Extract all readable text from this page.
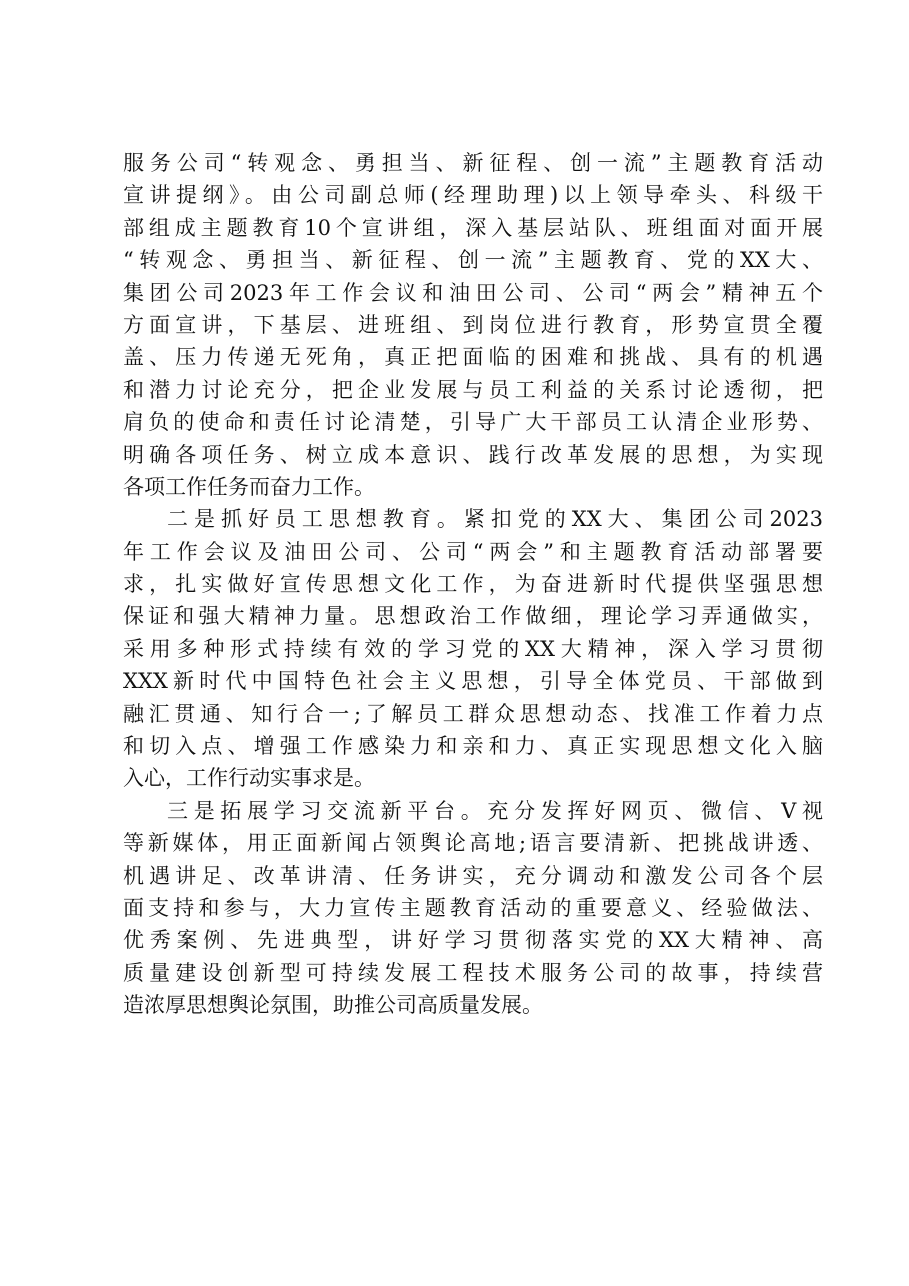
服务公司“转观念、勇担当、新征程、创一流”主题教育活动
宣讲提纲》。由公司副总师(经理助理)以上领导牵头、科级干
部组成主题教育10个宣讲组，深入基层站队、班组面对面开展
“转观念、勇担当、新征程、创一流”主题教育、党的XX大、
集团公司2023年工作会议和油田公司、公司“两会”精神五个
方面宣讲，下基层、进班组、到岗位进行教育，形势宣贯全覆
盖、压力传递无死角，真正把面临的困难和挑战、具有的机遇
和潜力讨论充分，把企业发展与员工利益的关系讨论透彻，把
肩负的使命和责任讨论清楚，引导广大干部员工认清企业形势、
明确各项任务、树立成本意识、践行改革发展的思想，为实现
各项工作任务而奋力工作。
二是抓好员工思想教育。紧扣党的XX大、集团公司2023
年工作会议及油田公司、公司“两会”和主题教育活动部署要
求，扎实做好宣传思想文化工作，为奋进新时代提供坚强思想
保证和强大精神力量。思想政治工作做细，理论学习弄通做实，
采用多种形式持续有效的学习党的XX大精神，深入学习贯彻
XXX新时代中国特色社会主义思想，引导全体党员、干部做到
融汇贯通、知行合一;了解员工群众思想动态、找准工作着力点
和切入点、增强工作感染力和亲和力、真正实现思想文化入脑
入心，工作行动实事求是。
三是拓展学习交流新平台。充分发挥好网页、微信、V视
等新媒体，用正面新闻占领舆论高地;语言要清新、把挑战讲透、
机遇讲足、改革讲清、任务讲实，充分调动和激发公司各个层
面支持和参与，大力宣传主题教育活动的重要意义、经验做法、
优秀案例、先进典型，讲好学习贯彻落实党的XX大精神、高
质量建设创新型可持续发展工程技术服务公司的故事，持续营
造浓厚思想舆论氛围，助推公司高质量发展。
